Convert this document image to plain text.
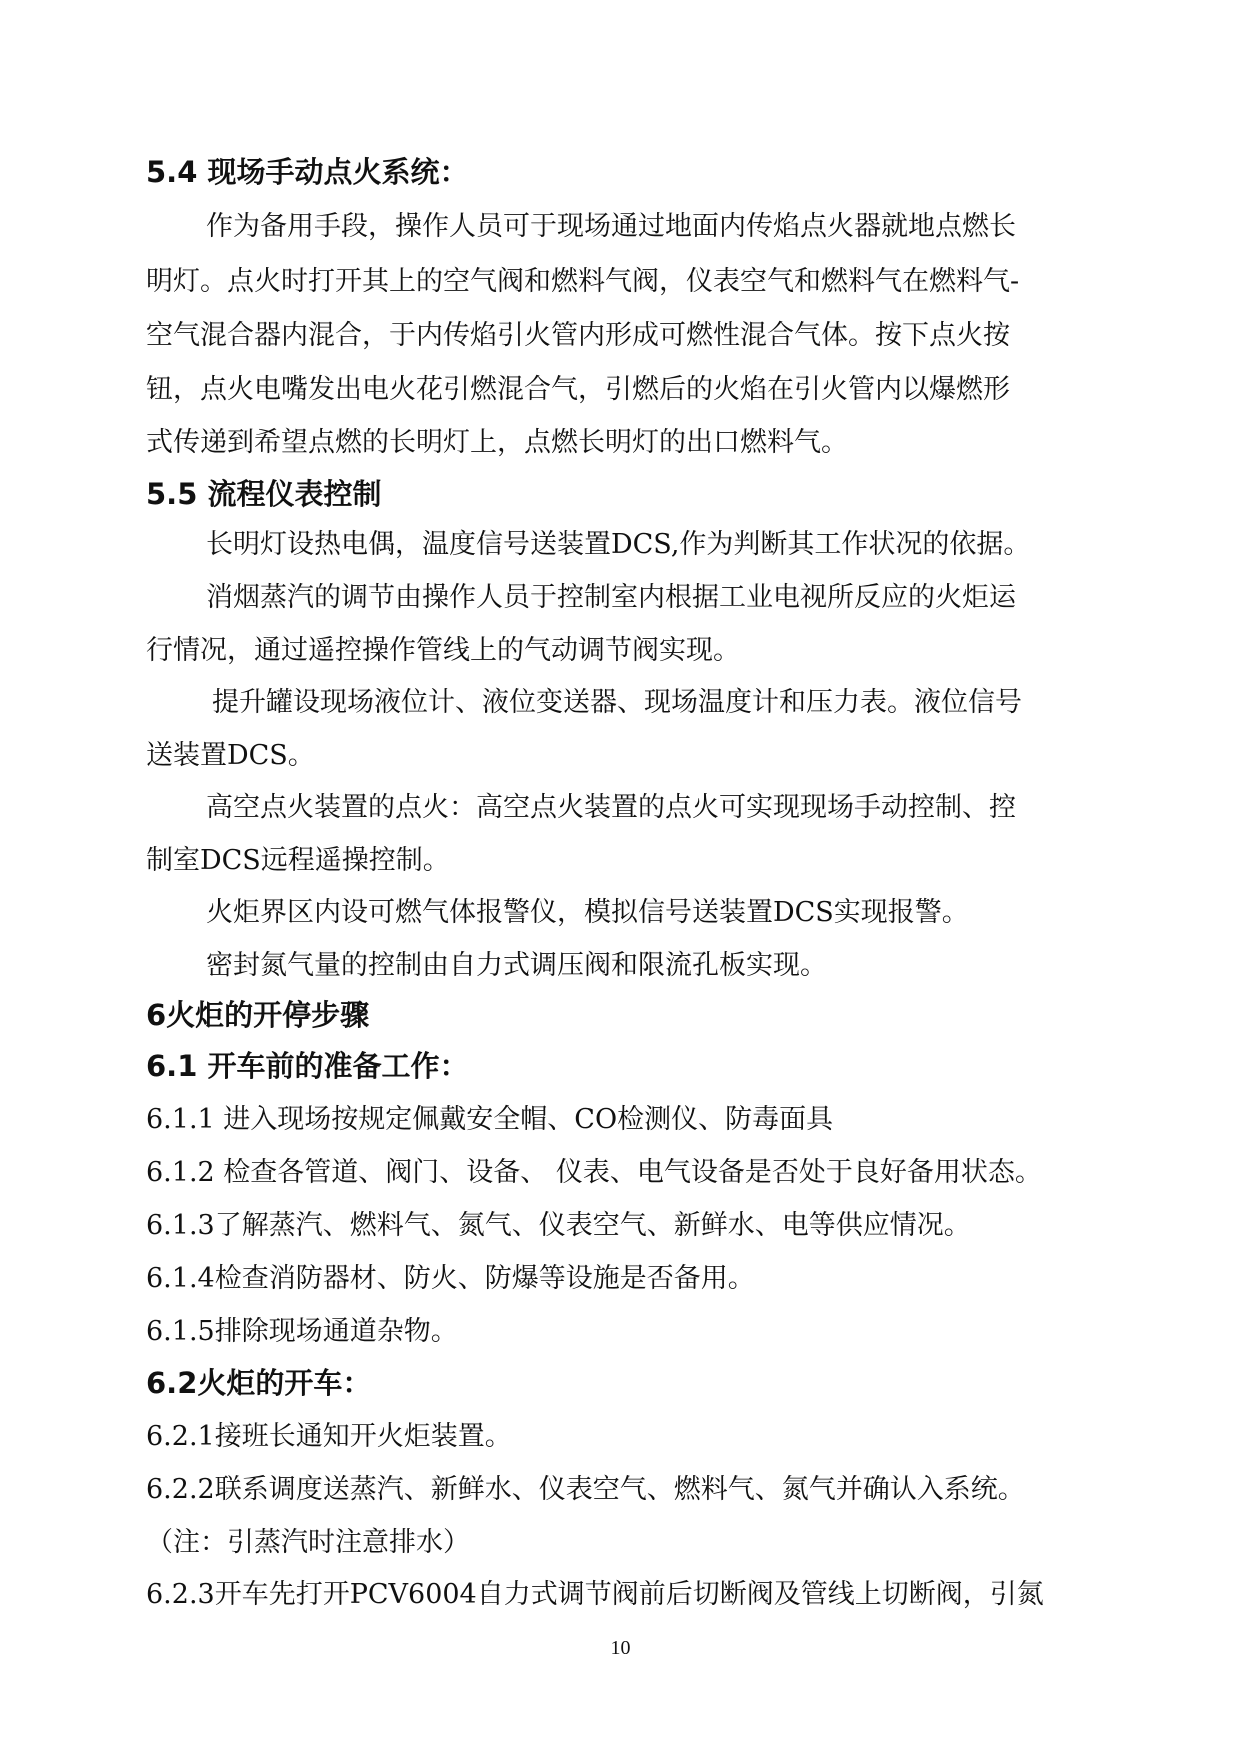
5.4 现场手动点火系统：
作为备用手段，操作人员可于现场通过地面内传焰点火器就地点燃长
明灯。点火时打开其上的空气阀和燃料气阀，仪表空气和燃料气在燃料气-
空气混合器内混合，于内传焰引火管内形成可燃性混合气体。按下点火按
钮，点火电嘴发出电火花引燃混合气，引燃后的火焰在引火管内以爆燃形
式传递到希望点燃的长明灯上，点燃长明灯的出口燃料气。
5.5 流程仪表控制
长明灯设热电偶，温度信号送装置DCS,作为判断其工作状况的依据。
消烟蒸汽的调节由操作人员于控制室内根据工业电视所反应的火炬运
行情况，通过遥控操作管线上的气动调节阀实现。
提升罐设现场液位计、液位变送器、现场温度计和压力表。液位信号
送装置DCS。
高空点火装置的点火：高空点火装置的点火可实现现场手动控制、控
制室DCS远程遥操控制。
火炬界区内设可燃气体报警仪，模拟信号送装置DCS实现报警。
密封氮气量的控制由自力式调压阀和限流孔板实现。
6火炬的开停步骤
6.1 开车前的准备工作：
6.1.1 进入现场按规定佩戴安全帽、CO检测仪、防毒面具
6.1.2 检查各管道、阀门、设备、 仪表、电气设备是否处于良好备用状态。
6.1.3了解蒸汽、燃料气、氮气、仪表空气、新鲜水、电等供应情况。
6.1.4检查消防器材、防火、防爆等设施是否备用。
6.1.5排除现场通道杂物。
6.2火炬的开车：
6.2.1接班长通知开火炬装置。
6.2.2联系调度送蒸汽、新鲜水、仪表空气、燃料气、氮气并确认入系统。
（注：引蒸汽时注意排水）
6.2.3开车先打开PCV6004自力式调节阀前后切断阀及管线上切断阀，引氮
10
